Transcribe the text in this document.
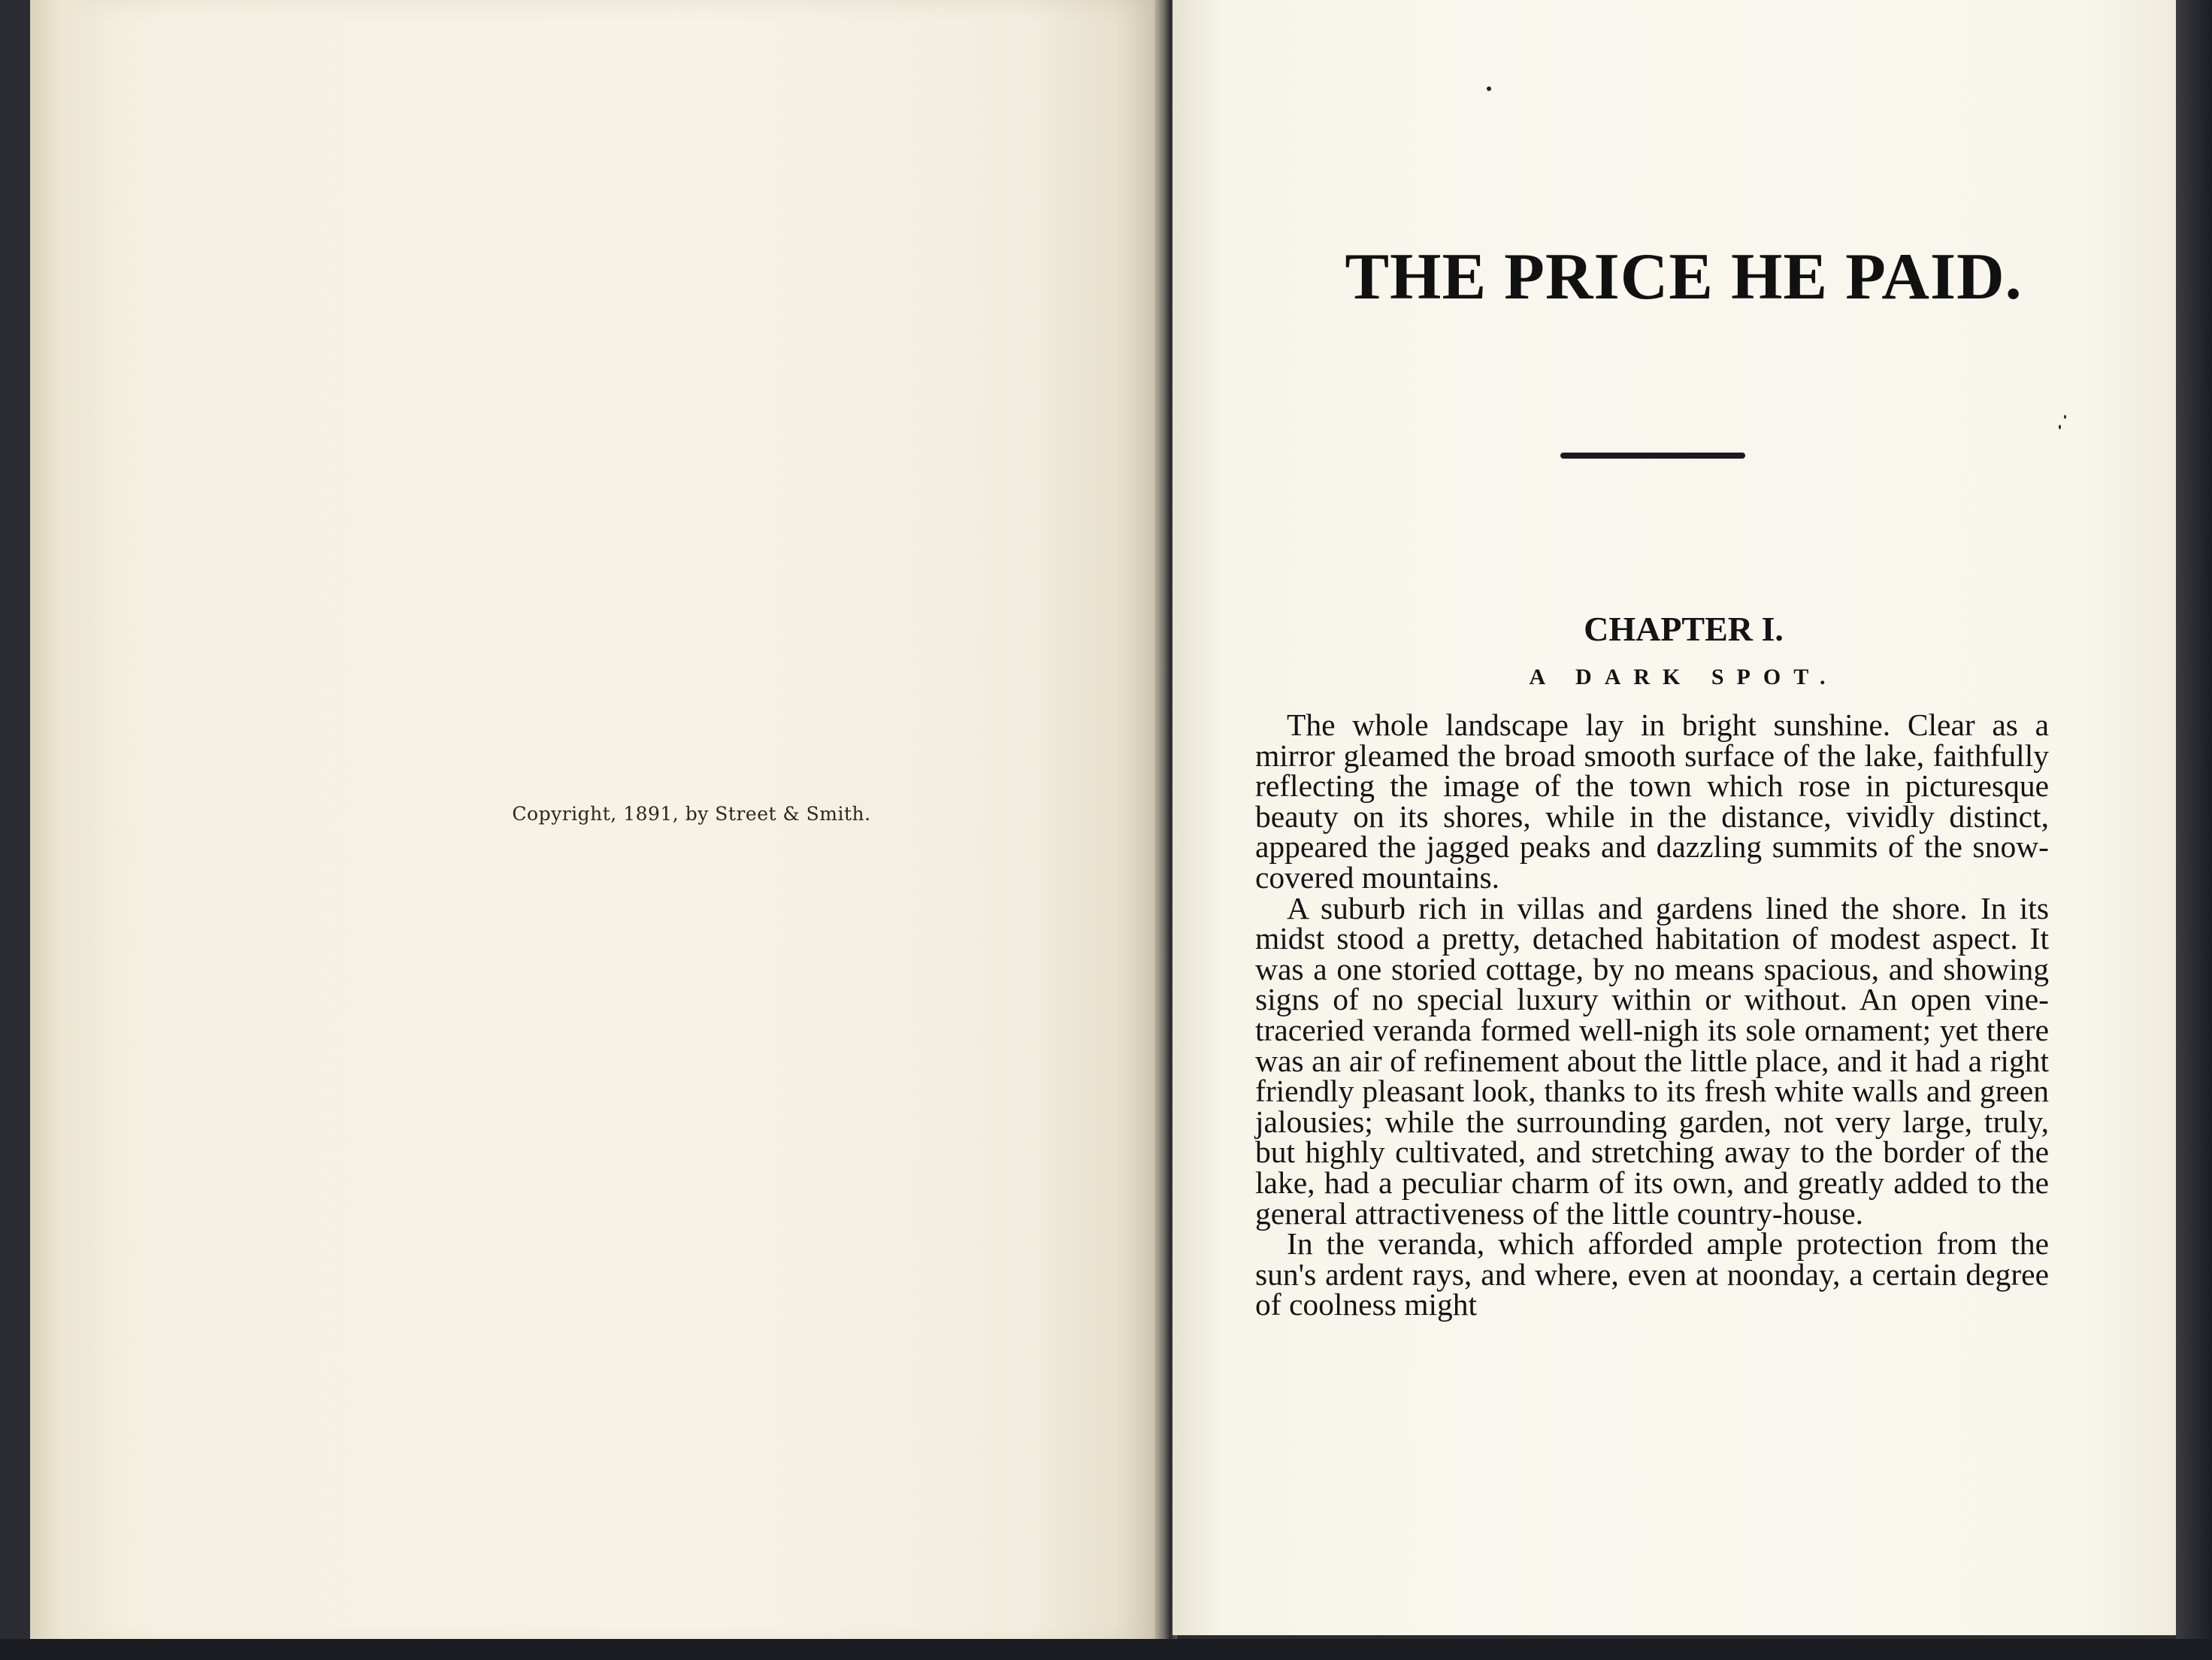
Copyright, 1891, by Street & Smith.
THE PRICE HE PAID.
CHAPTER I.
A DARK SPOT.

The whole landscape lay in bright sunshine. Clear as a mirror gleamed the broad smooth surface of the lake, faithfully reflecting the image of the town which rose in picturesque beauty on its shores, while in the distance, vividly distinct, appeared the jagged peaks and dazzling summits of the snow-covered mountains.

A suburb rich in villas and gardens lined the shore. In its midst stood a pretty, detached habitation of modest aspect. It was a one storied cottage, by no means spacious, and showing signs of no special luxury within or without. An open vine-traceried veranda formed well-nigh its sole ornament; yet there was an air of refinement about the little place, and it had a right friendly pleasant look, thanks to its fresh white walls and green jalousies; while the surrounding garden, not very large, truly, but highly cultivated, and stretching away to the border of the lake, had a peculiar charm of its own, and greatly added to the general attractiveness of the little country-house.

In the veranda, which afforded ample protection from the sun's ardent rays, and where, even at noonday, a certain degree of coolness might
